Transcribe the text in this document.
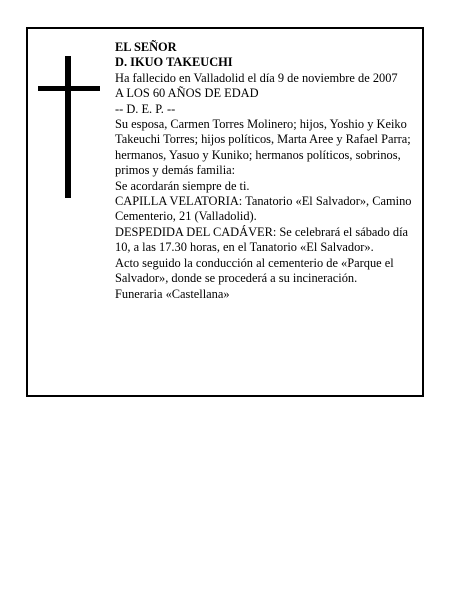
EL SEÑOR

D. IKUO TAKEUCHI

Ha fallecido en Valladolid el día 9 de noviembre de 2007

A LOS 60 AÑOS DE EDAD

-- D. E. P. --

Su esposa, Carmen Torres Molinero; hijos, Yoshio y Keiko Takeuchi Torres; hijos políticos, Marta Aree y Rafael Parra; hermanos, Yasuo y Kuniko; hermanos políticos, sobrinos, primos y demás familia:

Se acordarán siempre de ti.

CAPILLA VELATORIA: Tanatorio «El Salvador», Camino Cementerio, 21 (Valladolid).

DESPEDIDA DEL CADÁVER: Se celebrará el sábado día 10, a las 17.30 horas, en el Tanatorio «El Salvador».

Acto seguido la conducción al cementerio de «Parque el Salvador», donde se procederá a su incineración.

Funeraria «Castellana»
